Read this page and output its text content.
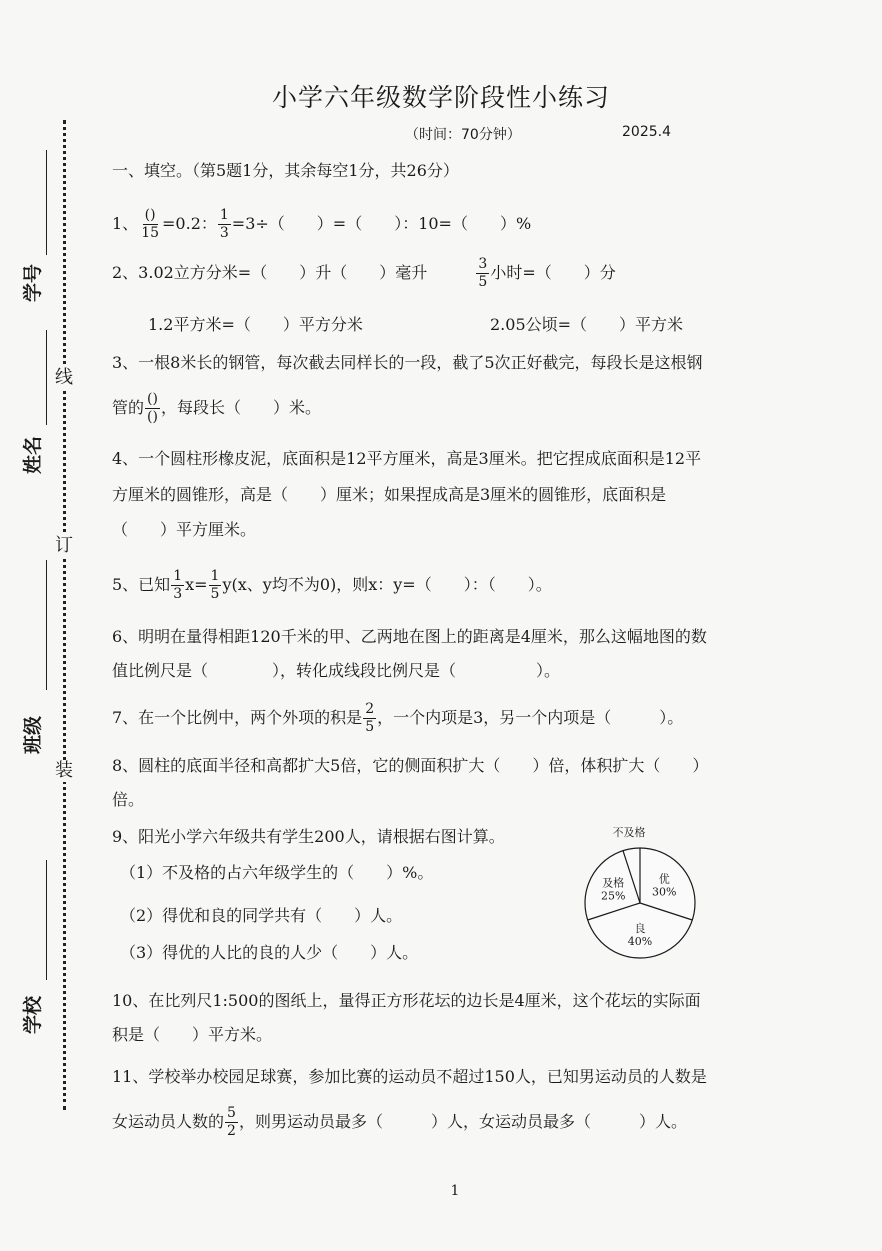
线
订
装
学号
姓名
班级
学校
小学六年级数学阶段性小练习
（时间：70分钟）	2025.4
一、填空。（第5题1分，其余每空1分，共26分）
1、 $\frac{()}{15} =0.2$： $\frac{1}{3} =3\div$（　　）=（　　）：10=（　　）%
2、3.02立方分米=（　　）升（　　）毫升	$\frac{3}{5}$ 小时=（　　）分
1.2平方米=（　　）平方分米	2.05公顷=（　　）平方米
3、一根8米长的钢管，每次截去同样长的一段，截了5次正好截完，每段长是这根钢
管的 $\frac{()}{()}$ ，每段长（　　）米。
4、一个圆柱形橡皮泥，底面积是12平方厘米，高是3厘米。把它捏成底面积是12平
方厘米的圆锥形，高是（　　）厘米；如果捏成高是3厘米的圆锥形，底面积是
（　　）平方厘米。
5、已知 $\frac{1}{3} x= \frac{1}{5} y(x$、y均不为0)，则x：y=（　　）：（　　）。
6、明明在量得相距120千米的甲、乙两地在图上的距离是4厘米，那么这幅地图的数
值比例尺是（　　　　），转化成线段比例尺是（　　　　　）。
7、在一个比例中，两个外项的积是 $\frac{2}{5}$ ，一个内项是3，另一个内项是（　　　）。
8、圆柱的底面半径和高都扩大5倍，它的侧面积扩大（　　）倍，体积扩大（　　）
倍。
9、阳光小学六年级共有学生200人，请根据右图计算。
（1）不及格的占六年级学生的（　　）%。
（2）得优和良的同学共有（　　）人。
（3）得优的人比的良的人少（　　）人。
优
30%
良
40%
及格
25%
不及格
10、在比列尺1:500的图纸上，量得正方形花坛的边长是4厘米，这个花坛的实际面
积是（　　）平方米。
11、学校举办校园足球赛，参加比赛的运动员不超过150人，已知男运动员的人数是
女运动员人数的 $\frac{5}{2}$ ，则男运动员最多（　　　）人，女运动员最多（　　　）人。
1
